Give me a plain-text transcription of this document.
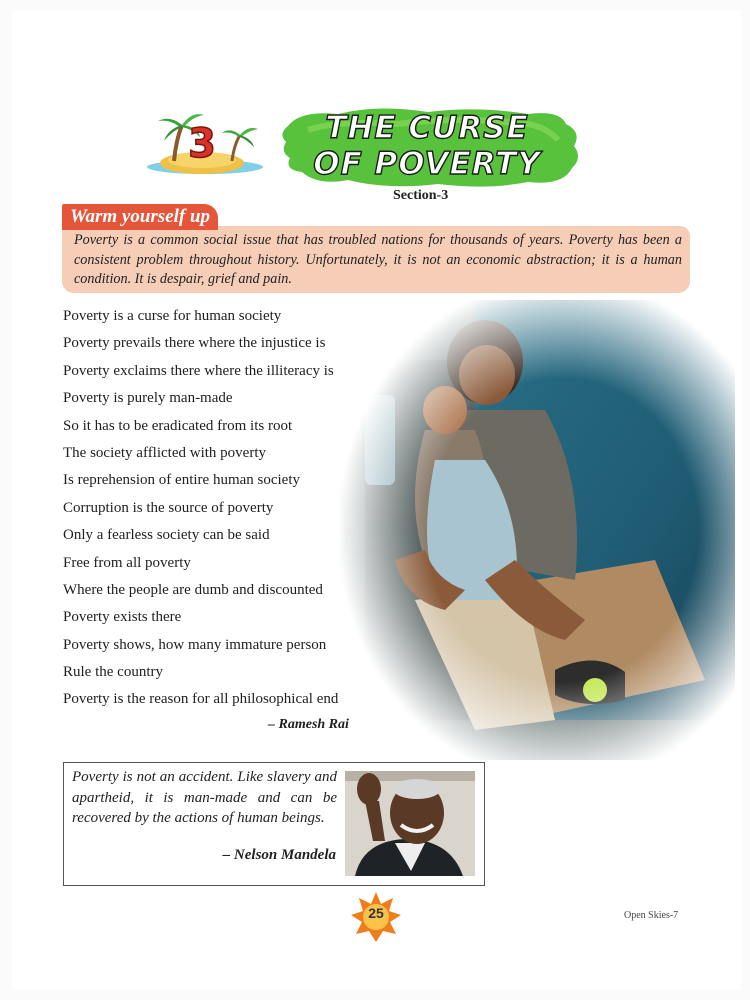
3	THE CURSE
OF POVERTY
Section-3
Warm yourself up
Poverty is a common social issue that has troubled nations for thousands of years. Poverty has been a consistent problem throughout history. Unfortunately, it is not an economic abstraction; it is a human condition. It is despair, grief and pain.
Poverty is a curse for human society
Poverty prevails there where the injustice is
Poverty exclaims there where the illiteracy is
Poverty is purely man-made
So it has to be eradicated from its root
The society afflicted with poverty
Is reprehension of entire human society
Corruption is the source of poverty
Only a fearless society can be said
Free from all poverty
Where the people are dumb and discounted
Poverty exists there
Poverty shows, how many immature person
Rule the country
Poverty is the reason for all philosophical end
– Ramesh Rai
Poverty is not an accident. Like slavery and apartheid, it is man-made and can be recovered by the actions of human beings.
– Nelson Mandela
25	Open Skies-7
